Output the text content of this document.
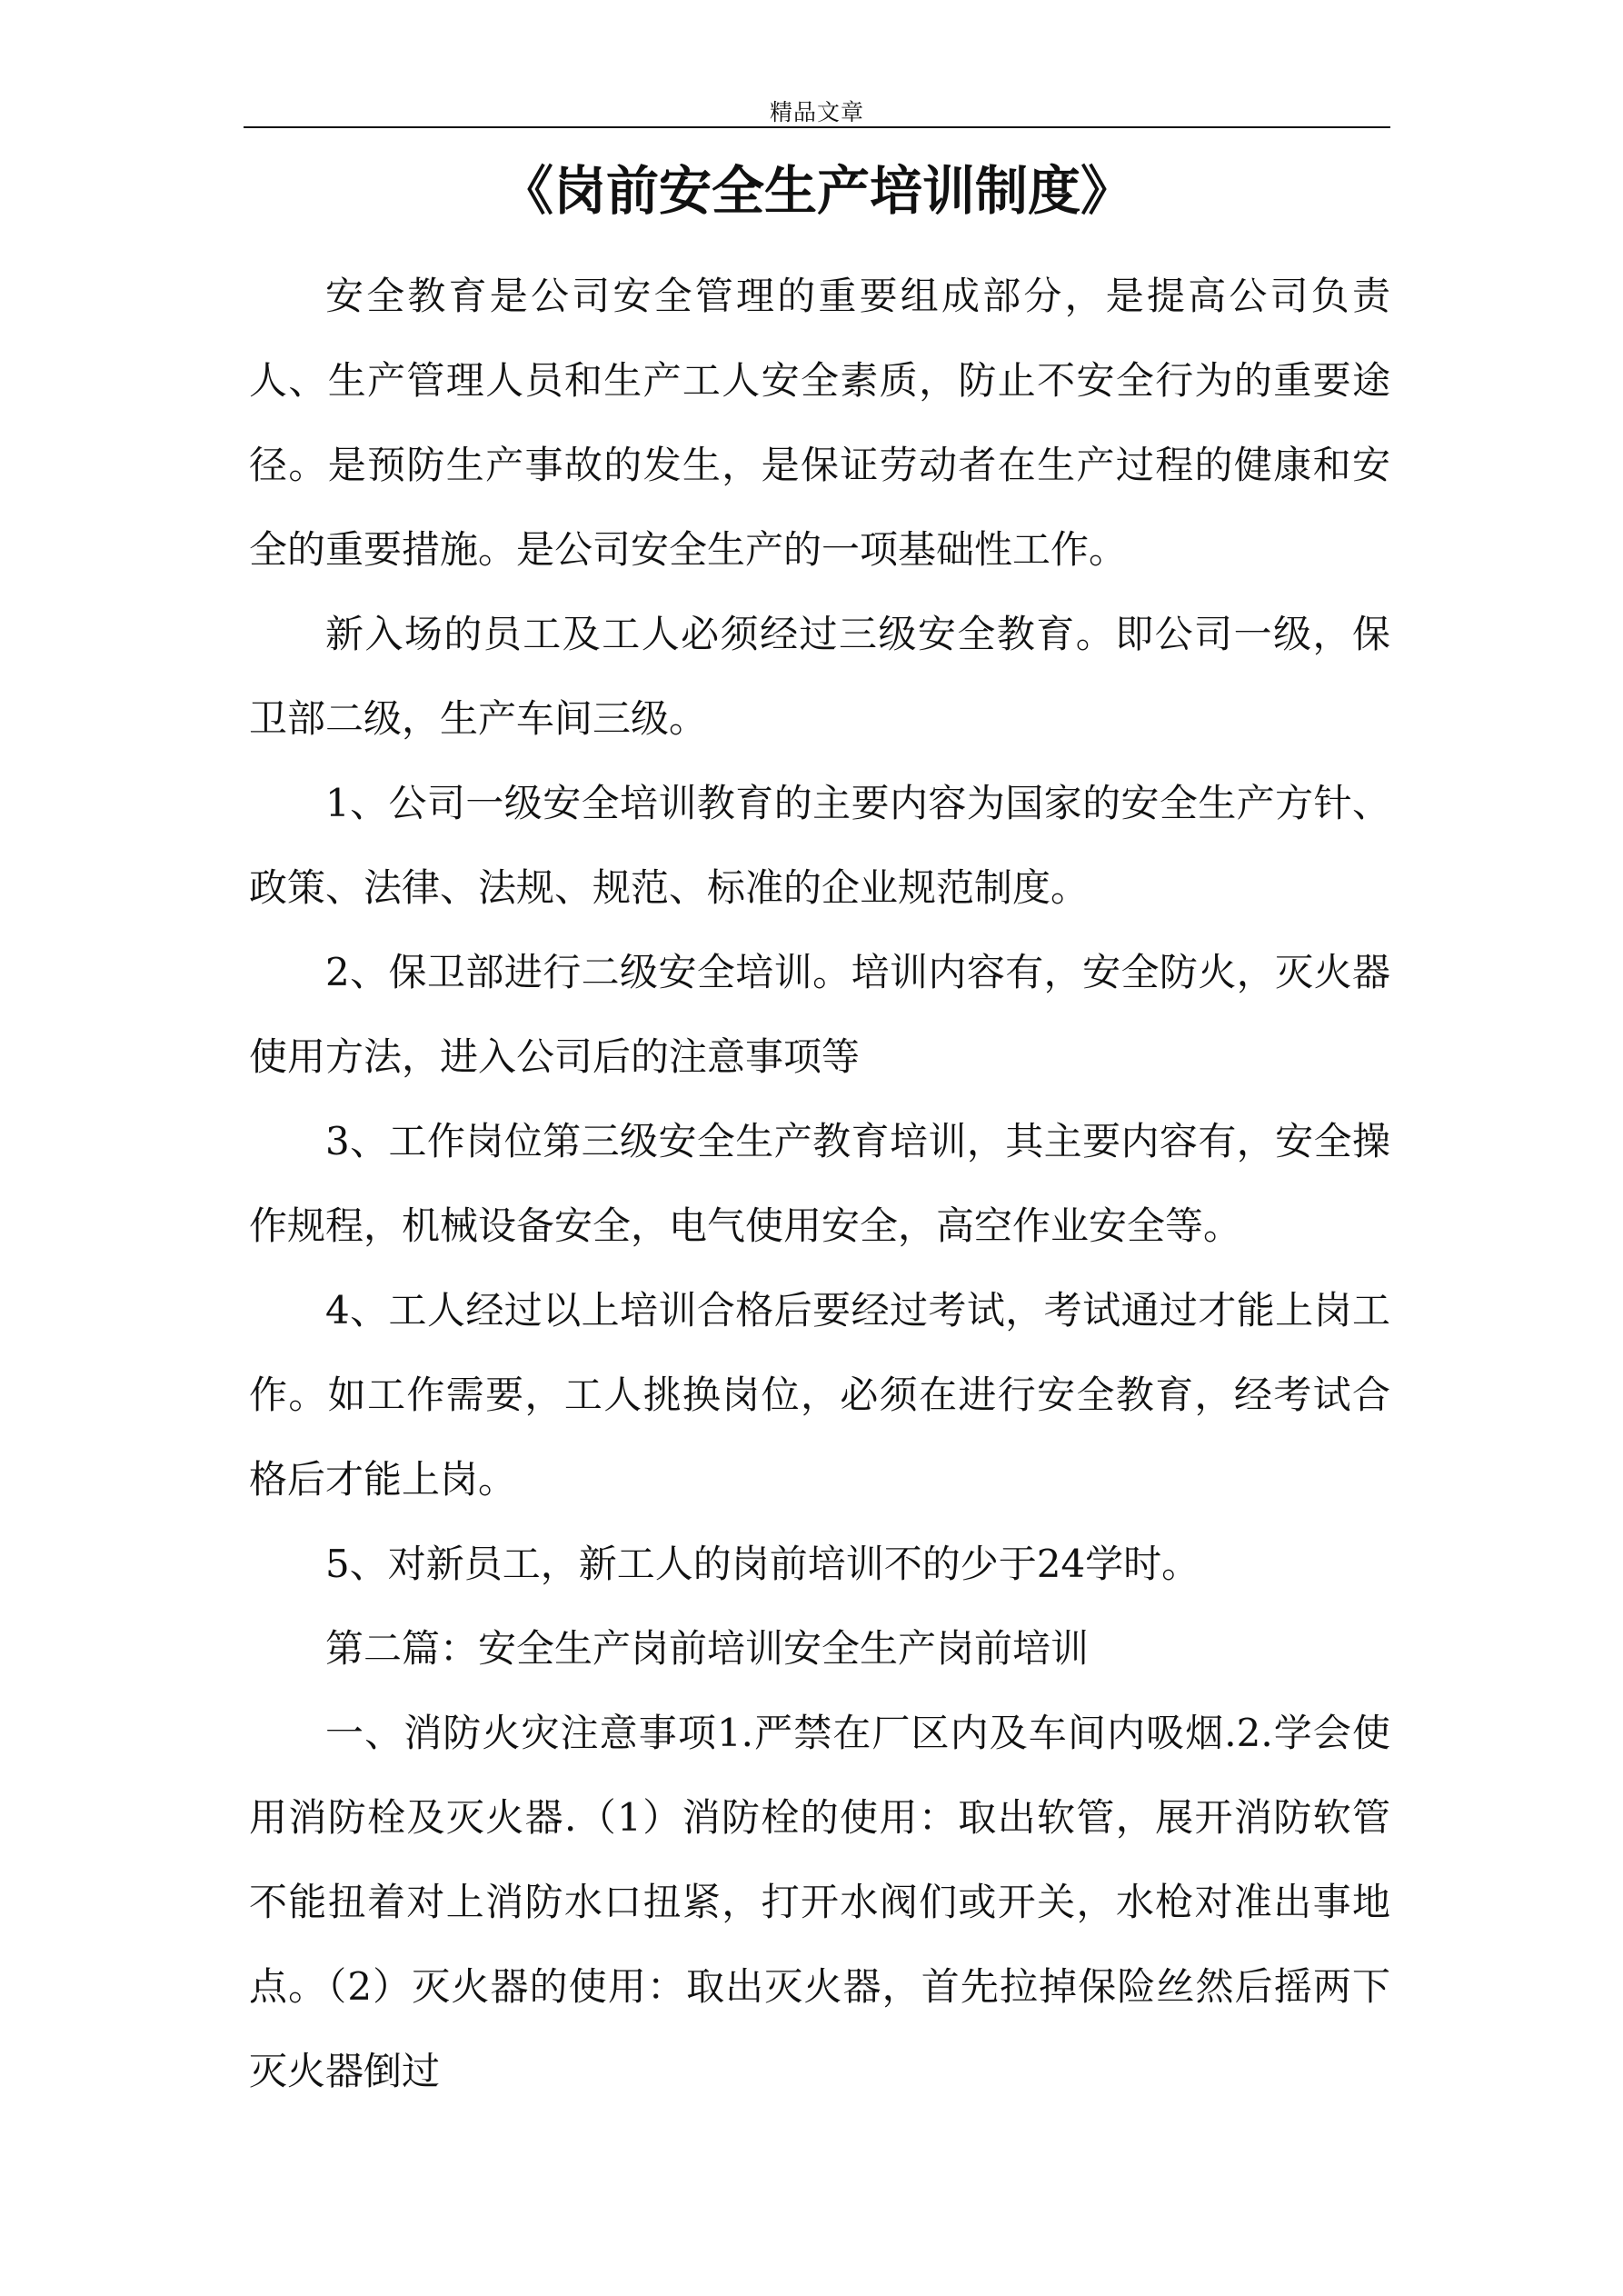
精品文章
《岗前安全生产培训制度》

安全教育是公司安全管理的重要组成部分，是提高公司负责人、生产管理人员和生产工人安全素质，防止不安全行为的重要途径。是预防生产事故的发生，是保证劳动者在生产过程的健康和安全的重要措施。是公司安全生产的一项基础性工作。

新入场的员工及工人必须经过三级安全教育。即公司一级，保卫部二级，生产车间三级。

1、公司一级安全培训教育的主要内容为国家的安全生产方针、政策、法律、法规、规范、标准的企业规范制度。

2、保卫部进行二级安全培训。培训内容有，安全防火，灭火器使用方法，进入公司后的注意事项等

3、工作岗位第三级安全生产教育培训，其主要内容有，安全操作规程，机械设备安全，电气使用安全，高空作业安全等。

4、工人经过以上培训合格后要经过考试，考试通过才能上岗工作。如工作需要，工人挑换岗位，必须在进行安全教育，经考试合格后才能上岗。

5、对新员工，新工人的岗前培训不的少于24学时。

第二篇：安全生产岗前培训安全生产岗前培训

一、消防火灾注意事项1.严禁在厂区内及车间内吸烟.2.学会使用消防栓及灭火器.（1）消防栓的使用：取出软管，展开消防软管不能扭着对上消防水口扭紧，打开水阀们或开关，水枪对准出事地点。（2）灭火器的使用：取出灭火器，首先拉掉保险丝然后摇两下灭火器倒过
